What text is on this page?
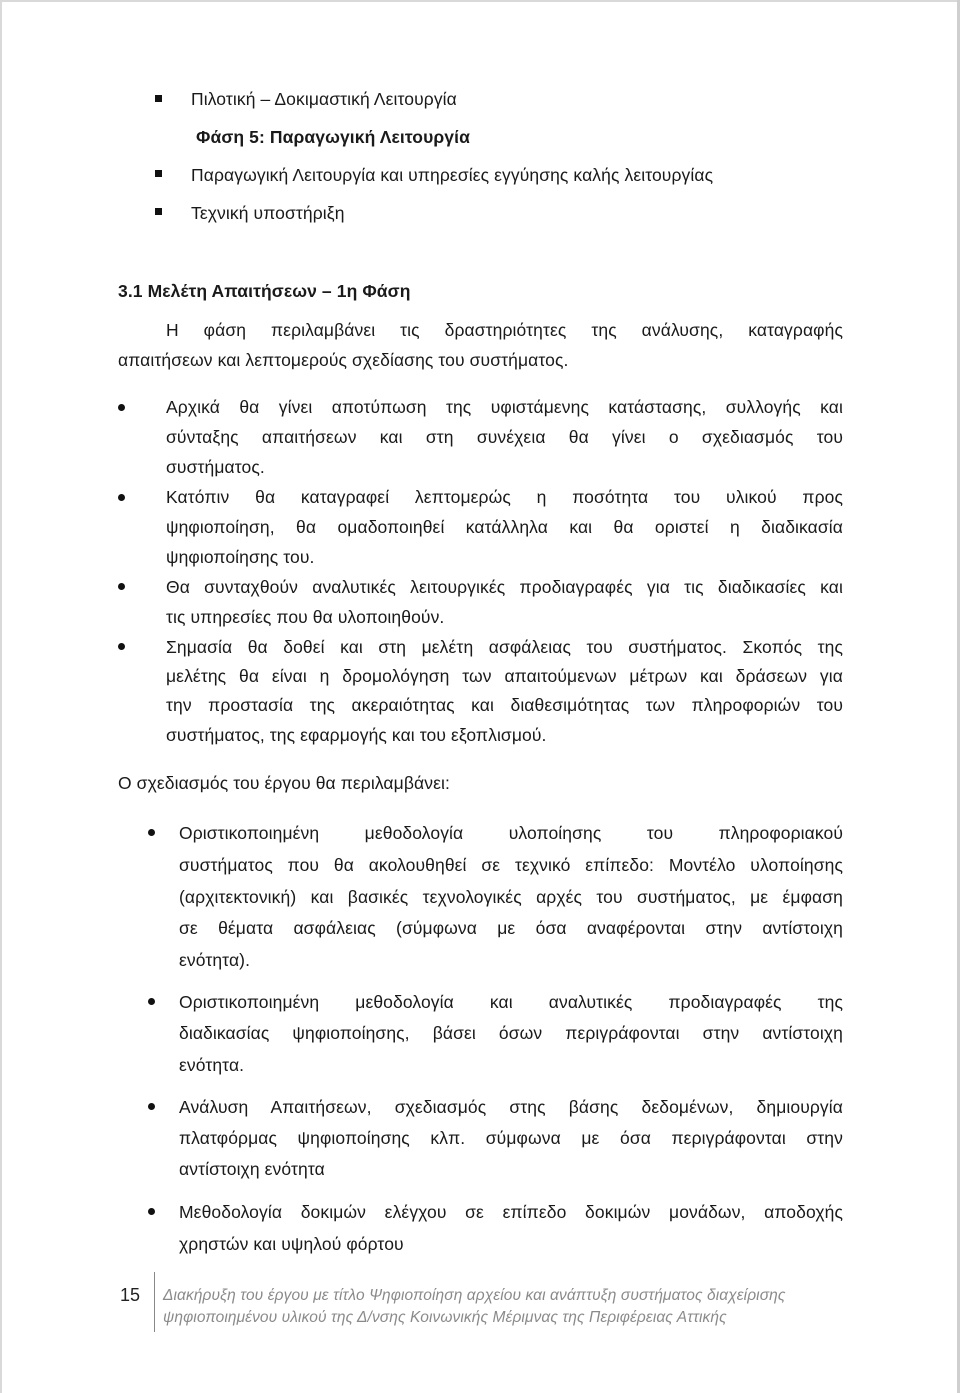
Πιλοτική – Δοκιμαστική Λειτουργία
Φάση 5: Παραγωγική Λειτουργία
Παραγωγική Λειτουργία και υπηρεσίες εγγύησης καλής λειτουργίας
Τεχνική υποστήριξη
3.1 Μελέτη Απαιτήσεων – 1η Φάση
Η φάση περιλαμβάνει τις δραστηριότητες της ανάλυσης, καταγραφής
απαιτήσεων και λεπτομερούς σχεδίασης του συστήματος.
Αρχικά θα γίνει αποτύπωση της υφιστάμενης κατάστασης, συλλογής και
σύνταξης απαιτήσεων και στη συνέχεια θα γίνει ο σχεδιασμός του
συστήματος.
Κατόπιν θα καταγραφεί λεπτομερώς η ποσότητα του υλικού προς
ψηφιοποίηση, θα ομαδοποιηθεί κατάλληλα και θα οριστεί η διαδικασία
ψηφιοποίησης του.
Θα συνταχθούν αναλυτικές λειτουργικές προδιαγραφές για τις διαδικασίες και
τις υπηρεσίες που θα υλοποιηθούν.
Σημασία θα δοθεί και στη μελέτη ασφάλειας του συστήματος. Σκοπός της
μελέτης θα είναι η δρομολόγηση των απαιτούμενων μέτρων και δράσεων για
την προστασία της ακεραιότητας και διαθεσιμότητας των πληροφοριών του
συστήματος, της εφαρμογής και του εξοπλισμού.
Ο σχεδιασμός του έργου θα περιλαμβάνει:
Οριστικοποιημένη μεθοδολογία υλοποίησης του πληροφοριακού
συστήματος που θα ακολουθηθεί σε τεχνικό επίπεδο: Μοντέλο υλοποίησης
(αρχιτεκτονική) και βασικές τεχνολογικές αρχές του συστήματος, με έμφαση
σε θέματα ασφάλειας (σύμφωνα με όσα αναφέρονται στην αντίστοιχη
ενότητα).
Οριστικοποιημένη μεθοδολογία και αναλυτικές προδιαγραφές της
διαδικασίας ψηφιοποίησης, βάσει όσων περιγράφονται στην αντίστοιχη
ενότητα.
Ανάλυση Απαιτήσεων, σχεδιασμός στης βάσης δεδομένων, δημιουργία
πλατφόρμας ψηφιοποίησης κλπ. σύμφωνα με όσα περιγράφονται στην
αντίστοιχη ενότητα
Μεθοδολογία δοκιμών ελέγχου σε επίπεδο δοκιμών μονάδων, αποδοχής
χρηστών και υψηλού φόρτου
15 Διακήρυξη του έργου με τίτλο Ψηφιοποίηση αρχείου και ανάπτυξη συστήματος διαχείρισης
ψηφιοποιημένου υλικού της Δ/νσης Κοινωνικής Μέριμνας της Περιφέρειας Αττικής
